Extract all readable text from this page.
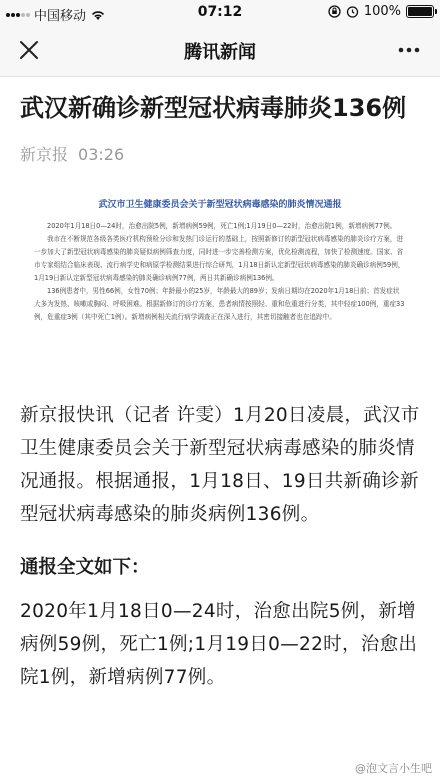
中国移动	07:12	100%
腾讯新闻
武汉新确诊新型冠状病毒肺炎136例
新京报 03:26
武汉市卫生健康委员会关于新型冠状病毒感染的肺炎情况通报

2020年1月18日0—24时，治愈出院5例，新增病例59例，死亡1例;1月19日0—22时，治愈出院1例，新增病例77例。

我市在不断规范各级各类医疗机构预检分诊和发热门诊运行的基础上，按照新修订的新型冠状病毒感染的肺炎诊疗方案，进一步加大了新型冠状病毒感染的肺炎疑似病例筛查力度，同时进一步完善检测方案，优化检测流程，加快了检测速度。国家、省市专家组结合临床表现、流行病学史和病原学检测结果进行综合研判，1月18日新认定新型冠状病毒感染的肺炎确诊病例59例，1月19日新认定新型冠状病毒感染的肺炎确诊病例77例，两日共新确诊病例136例。

136例患者中，男性66例，女性70例；年龄最小的25岁，年龄最大的89岁；发病日期均在2020年1月18日前；首发症状大多为发热、咳嗽或胸闷、呼吸困难。根据新修订的诊疗方案，患者病情按照轻、重和危重进行分类，其中轻症100例，重症33例，危重症3例（其中死亡1例）。新增病例相关流行病学调查正在深入进行，其密切接触者也在追踪中。

新京报快讯（记者 许雯）1月20日凌晨，武汉市卫生健康委员会关于新型冠状病毒感染的肺炎情况通报。根据通报，1月18日、19日共新确诊新型冠状病毒感染的肺炎病例136例。
通报全文如下：
2020年1月18日0—24时，治愈出院5例，新增病例59例，死亡1例;1月19日0—22时，治愈出院1例，新增病例77例。
@泡文言小生吧
